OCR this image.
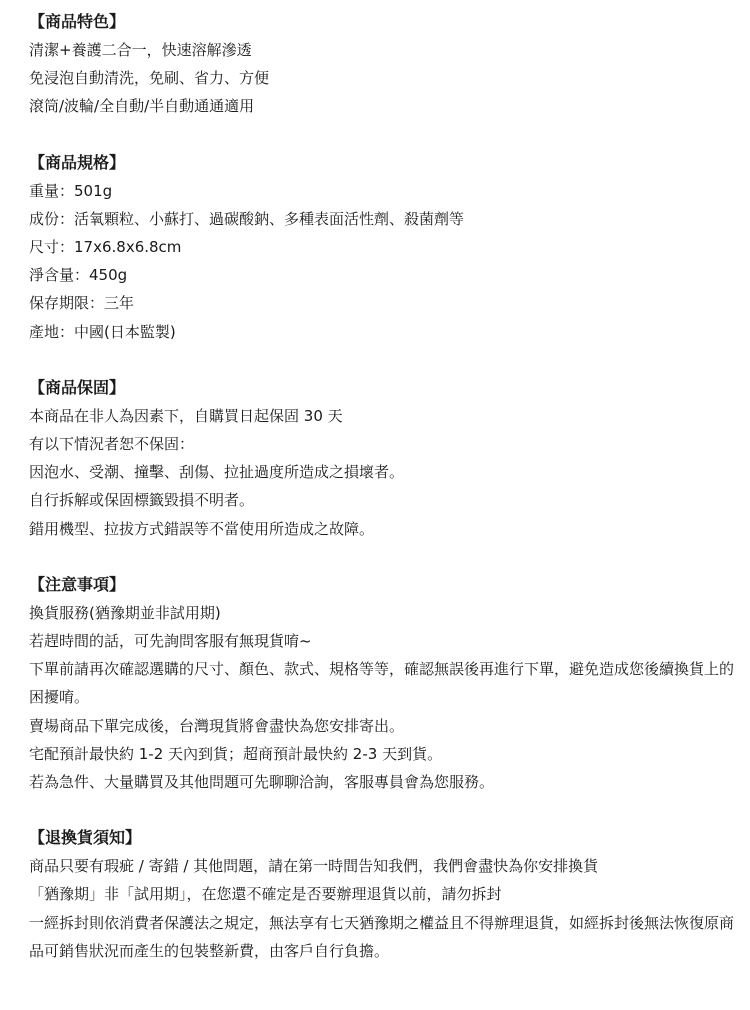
【商品特色】
清潔+養護二合一，快速溶解滲透
免浸泡自動清洗，免刷、省力、方便
滾筒/波輪/全自動/半自動通通適用
【商品規格】
重量：501g
成份：活氧顆粒、小蘇打、過碳酸鈉、多種表面活性劑、殺菌劑等
尺寸：17x6.8x6.8cm
淨含量：450g
保存期限：三年
產地：中國(日本監製)
【商品保固】
本商品在非人為因素下，自購買日起保固 30 天
有以下情況者恕不保固：
因泡水、受潮、撞擊、刮傷、拉扯過度所造成之損壞者。
自行拆解或保固標籤毀損不明者。
錯用機型、拉拔方式錯誤等不當使用所造成之故障。
【注意事項】
換貨服務(猶豫期並非試用期)
若趕時間的話，可先詢問客服有無現貨唷~
下單前請再次確認選購的尺寸、顏色、款式、規格等等，確認無誤後再進行下單，避免造成您後續換貨上的困擾唷。
賣場商品下單完成後，台灣現貨將會盡快為您安排寄出。
宅配預計最快約 1-2 天內到貨；超商預計最快約 2-3 天到貨。
若為急件、大量購買及其他問題可先聊聊洽詢，客服專員會為您服務。
【退換貨須知】
商品只要有瑕疵 / 寄錯 / 其他問題，請在第一時間告知我們，我們會盡快為你安排換貨
「猶豫期」非「試用期」，在您還不確定是否要辦理退貨以前，請勿拆封
一經拆封則依消費者保護法之規定，無法享有七天猶豫期之權益且不得辦理退貨，如經拆封後無法恢復原商品可銷售狀況而產生的包裝整新費，由客戶自行負擔。
